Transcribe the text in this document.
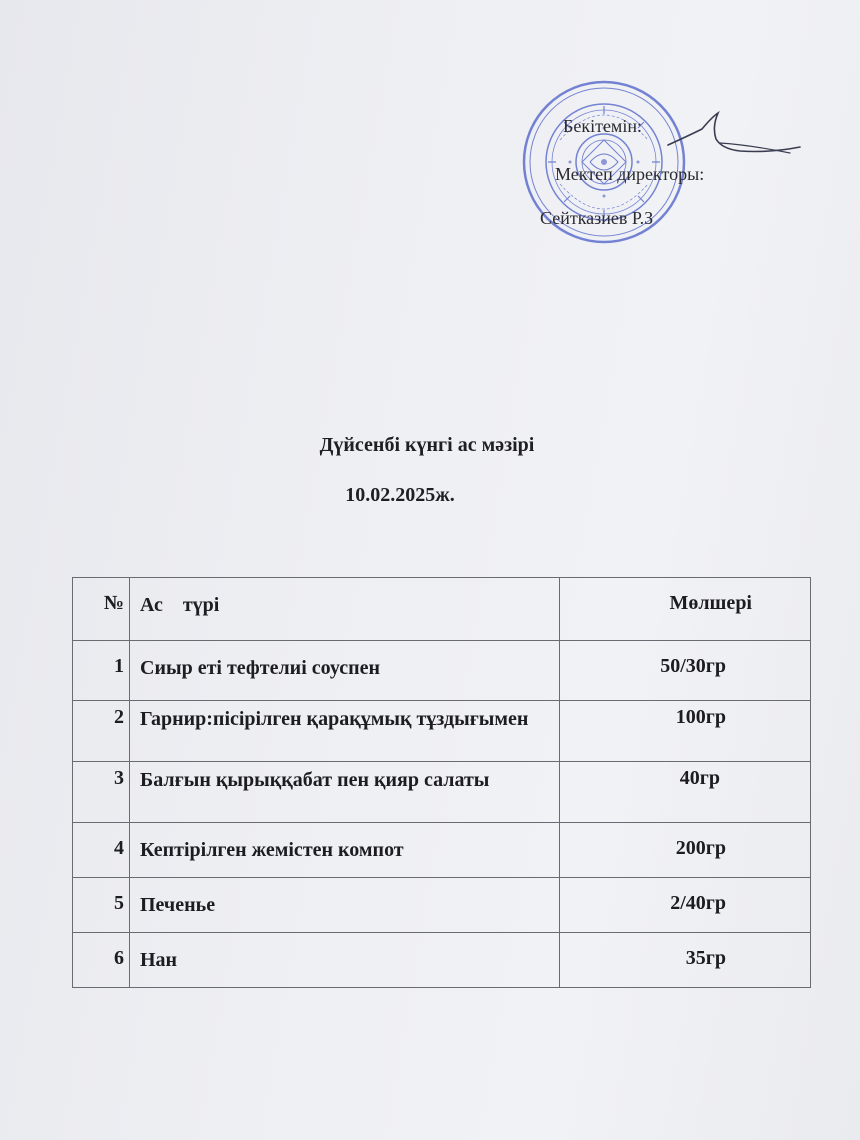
Бекітемін:
Мектеп директоры:
Сейтказиев Р.З
Дүйсенбі күнгі ас мәзірі
10.02.2025ж.
№	Ас    түрі	Мөлшері
1	Сиыр еті тефтелиі соуспен	50/30гр
2	Гарнир:пісірілген қарақұмық тұздығымен	100гр
3	Балғын қырыққабат пен қияр салаты	40гр
4	Кептірілген жемістен компот	200гр
5	Печенье	2/40гр
6	Нан	35гр
